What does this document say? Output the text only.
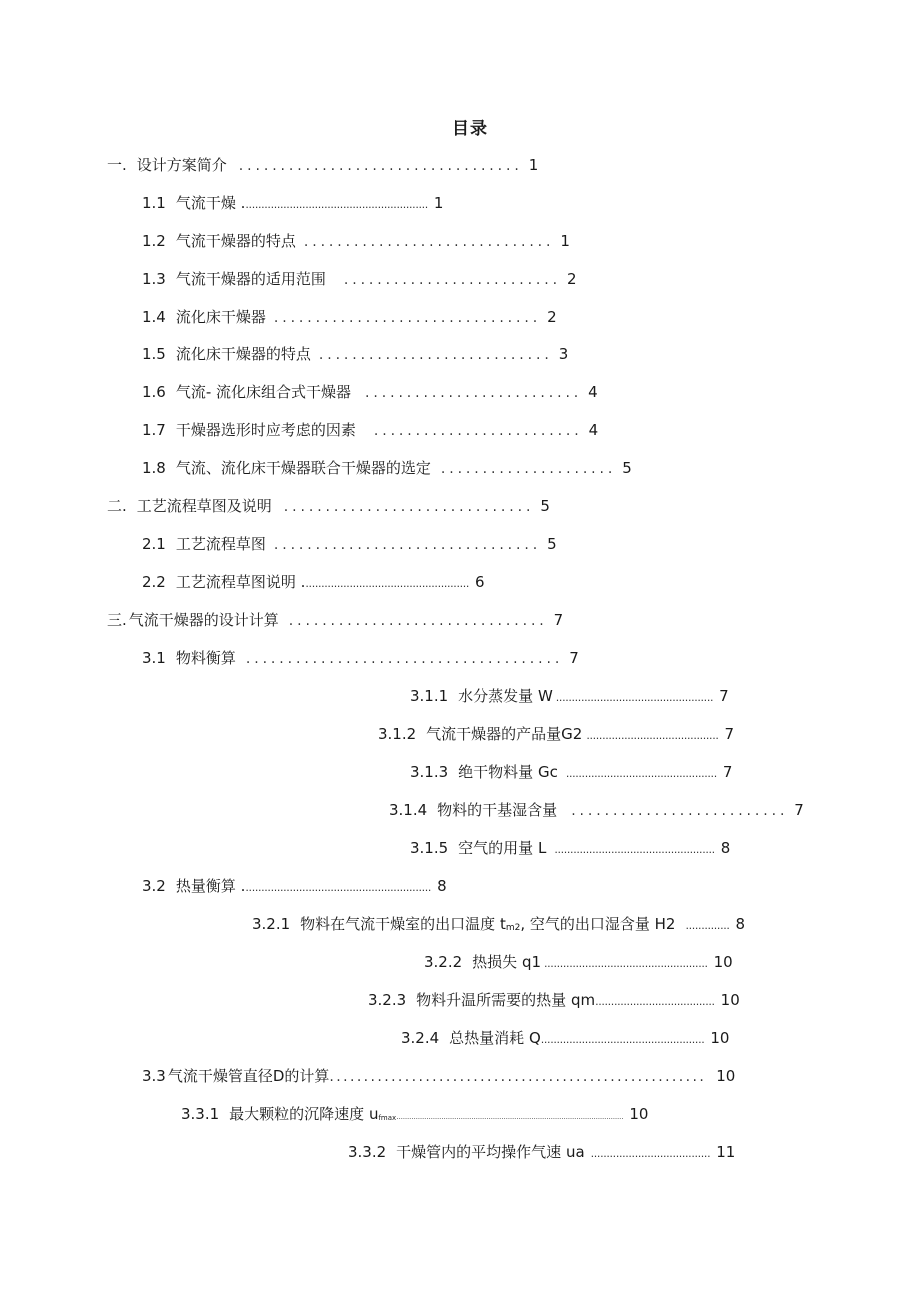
目录
一. 设计方案简介 .................................. 1
1.1 气流干燥 . .......................................................... 1
1.2 气流干燥器的特点 .............................. 1
1.3 气流干燥器的适用范围 .......................... 2
1.4 流化床干燥器 ................................ 2
1.5 流化床干燥器的特点 ............................ 3
1.6 气流- 流化床组合式干燥器 .......................... 4
1.7 干燥器选形时应考虑的因素 ......................... 4
1.8 气流、流化床干燥器联合干燥器的选定 ..................... 5
二. 工艺流程草图及说明 .............................. 5
2.1 工艺流程草图 ................................ 5
2.2 工艺流程草图说明 . .................................................... 6
三. 气流干燥器的设计计算 ............................... 7
3.1 物料衡算 ...................................... 7
3.1.1 水分蒸发量 W .................................................. 7
3.1.2 气流干燥器的产品量G2 .......................................... 7
3.1.3 绝干物料量 Gc ................................................ 7
3.1.4 物料的干基湿含量 .......................... 7
3.1.5 空气的用量 L ................................................... 8
3.2 热量衡算 . ........................................................... 8
3.2.1 物料在气流干燥室的出口温度 $t_{m2}$ , 空气的出口湿含量 H2 .............. 8
3.2.2 热损失 q1 .................................................... 10
3.2.3 物料升温所需要的热量 qm ...................................... 10
3.2.4 总热量消耗 Q .................................................... 10
3.3 气流干燥管直径D的计算 ....................................................... 10
3.3.1 最大颗粒的沉降速度 $u_{fmax}$ .......................................................................................................... 10
3.3.2 干燥管内的平均操作气速 ua ...................................... 11
